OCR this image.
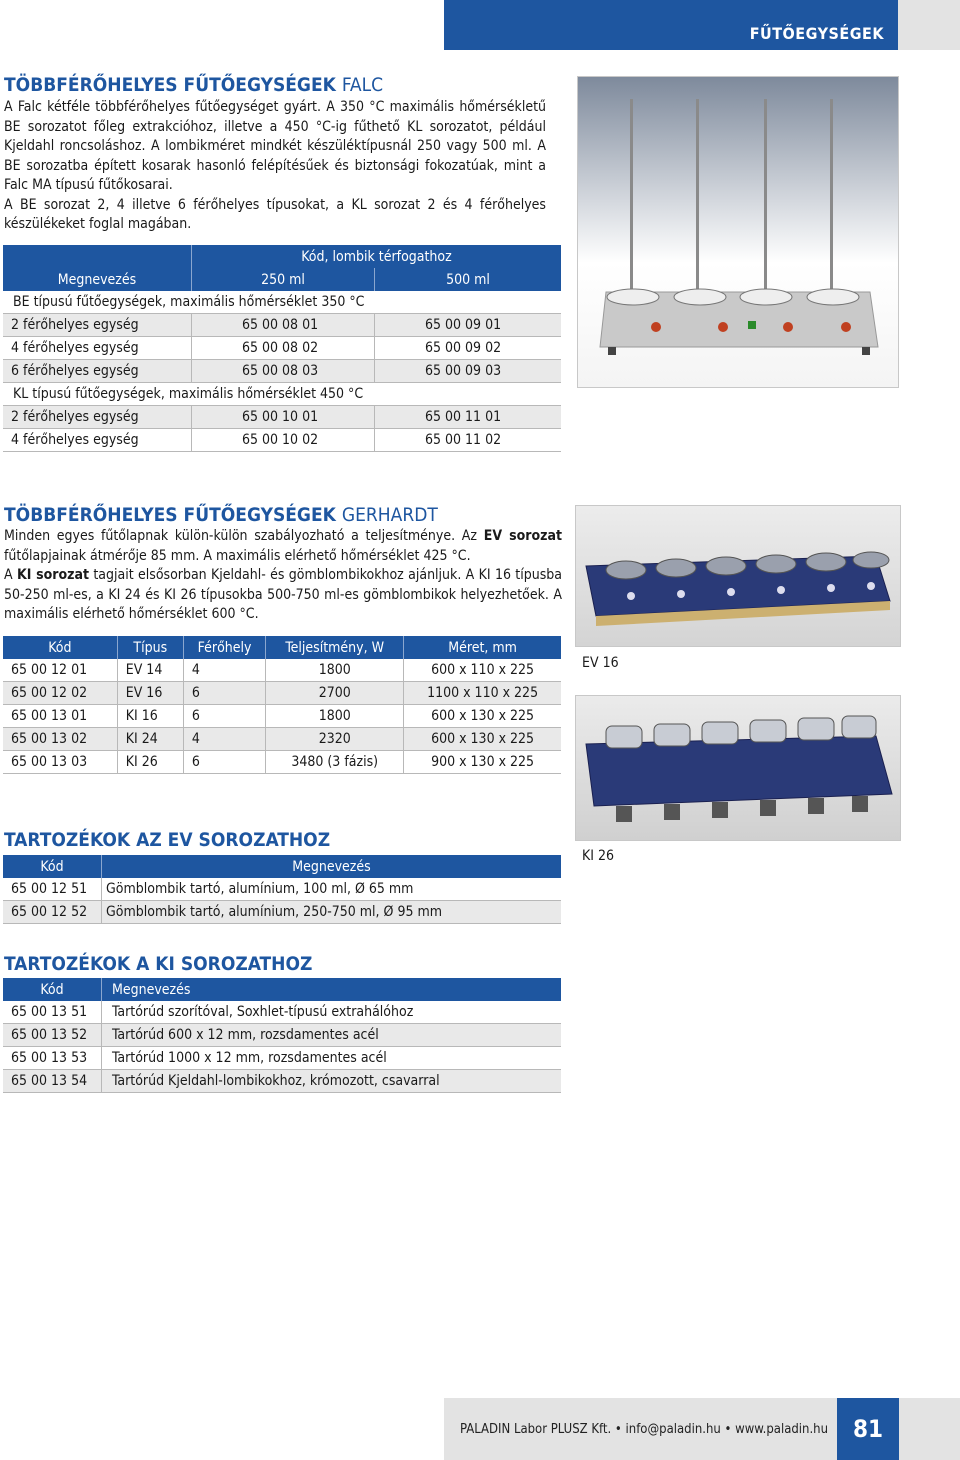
FŰTŐEGYSÉGEK
TÖBBFÉRŐHELYES FŰTŐEGYSÉGEK FALC

A Falc kétféle többférőhelyes fűtőegységet gyárt. A 350 °C maximális hőmérsékletű BE sorozatot főleg extrakcióhoz, illetve a 450 °C-ig fűthető KL sorozatot, például Kjeldahl roncsoláshoz. A lombikméret mindkét készüléktípusnál 250 vagy 500 ml. A BE sorozatba épített kosarak hasonló felépítésűek és biztonsági fokozatúak, mint a Falc MA típusú fűtőkosarai.

A BE sorozat 2, 4 illetve 6 férőhelyes típusokat, a KL sorozat 2 és 4 férőhelyes készülékeket foglal magában.

	Kód, lombik térfogathoz	
Megnevezés	250 ml	500 ml
BE típusú fűtőegységek, maximális hőmérséklet 350 °C		
2 férőhelyes egység	65 00 08 01	65 00 09 01
4 férőhelyes egység	65 00 08 02	65 00 09 02
6 férőhelyes egység	65 00 08 03	65 00 09 03
KL típusú fűtőegységek, maximális hőmérséklet 450 °C		
2 férőhelyes egység	65 00 10 01	65 00 11 01
4 férőhelyes egység	65 00 10 02	65 00 11 02
TÖBBFÉRŐHELYES FŰTŐEGYSÉGEK GERHARDT

Minden egyes fűtőlapnak külön-külön szabályozható a teljesítménye. Az EV sorozat fűtőlapjainak átmérője 85 mm. A maximális elérhető hőmérséklet 425 °C.

A KI sorozat tagjait elsősorban Kjeldahl- és gömblombikokhoz ajánljuk. A KI 16 típusba 50-250 ml-es, a KI 24 és KI 26 típusokba 500-750 ml-es gömblombikok helyezhetőek. A maximális elérhető hőmérséklet 600 °C.

Kód	Típus	Férőhely	Teljesítmény, W	Méret, mm
65 00 12 01	EV 14	4	1800	600 x 110 x 225
65 00 12 02	EV 16	6	2700	1100 x 110 x 225
65 00 13 01	KI 16	6	1800	600 x 130 x 225
65 00 13 02	KI 24	4	2320	600 x 130 x 225
65 00 13 03	KI 26	6	3480 (3 fázis)	900 x 130 x 225
EV 16
KI 26
TARTOZÉKOK AZ EV SOROZATHOZ
Kód	Megnevezés
65 00 12 51	Gömblombik tartó, alumínium, 100 ml, Ø 65 mm
65 00 12 52	Gömblombik tartó, alumínium, 250-750 ml, Ø 95 mm
TARTOZÉKOK A KI SOROZATHOZ
Kód	Megnevezés
65 00 13 51	Tartórúd szorítóval, Soxhlet-típusú extrahálóhoz
65 00 13 52	Tartórúd 600 x 12 mm, rozsdamentes acél
65 00 13 53	Tartórúd 1000 x 12 mm, rozsdamentes acél
65 00 13 54	Tartórúd Kjeldahl-lombikokhoz, krómozott, csavarral
PALADIN Labor PLUSZ Kft. • info@paladin.hu • www.paladin.hu	81
